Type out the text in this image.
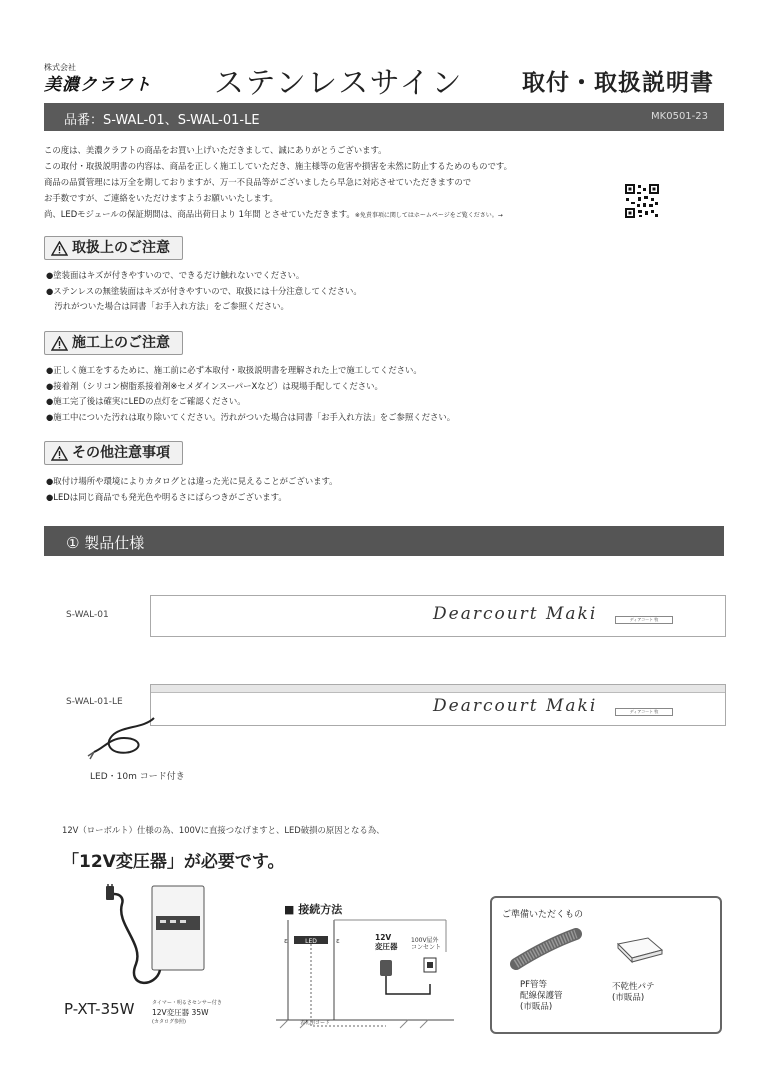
株式会社
美濃クラフト ステンレスサイン	取付・取扱説明書
品番：S-WAL-01、S-WAL-01-LE	MK0501-23
この度は、美濃クラフトの商品をお買い上げいただきまして、誠にありがとうございます。
この取付・取扱説明書の内容は、商品を正しく施工していただき、施主様等の危害や損害を未然に防止するためのものです。
商品の品質管理には万全を期しておりますが、万一不良品等がございましたら早急に対応させていただきますので
お手数ですが、ご連絡をいただけますようお願いいたします。
尚、LEDモジュールの保証期間は、商品出荷日より 1年間 とさせていただきます。※免責事項に関してはホームページをご覧ください。→
取扱上のご注意
●塗装面はキズが付きやすいので、できるだけ触れないでください。
●ステンレスの無塗装面はキズが付きやすいので、取扱には十分注意してください。
　汚れがついた場合は同書「お手入れ方法」をご参照ください。
施工上のご注意
●正しく施工をするために、施工前に必ず本取付・取扱説明書を理解された上で施工してください。
●接着剤（シリコン樹脂系接着剤※セメダインスーパーXなど）は現場手配してください。
●施工完了後は確実にLEDの点灯をご確認ください。
●施工中についた汚れは取り除いてください。汚れがついた場合は同書「お手入れ方法」をご参照ください。
その他注意事項
●取付け場所や環境によりカタログとは違った光に見えることがございます。
●LEDは同じ商品でも発光色や明るさにばらつきがございます。
① 製品仕様
S-WAL-01	Dearcourt Maki	ディアコート 牧
S-WAL-01-LE	Dearcourt Maki	ディアコート 牧
LED・10m コード付き
12V（ローボルト）仕様の為、100Vに直接つなげますと、LED破損の原因となる為、
「12V変圧器」が必要です。
P-XT-35W	タイマー・明るさセンサー付き
12V変圧器 35W
(カタログ参照)
■ 接続方法
LED
ε	ε	12V
変圧器
100V屋外
コンセント
表札用コード
ご準備いただくもの
PF管等
配線保護管
(市販品)
不乾性パテ
(市販品)
